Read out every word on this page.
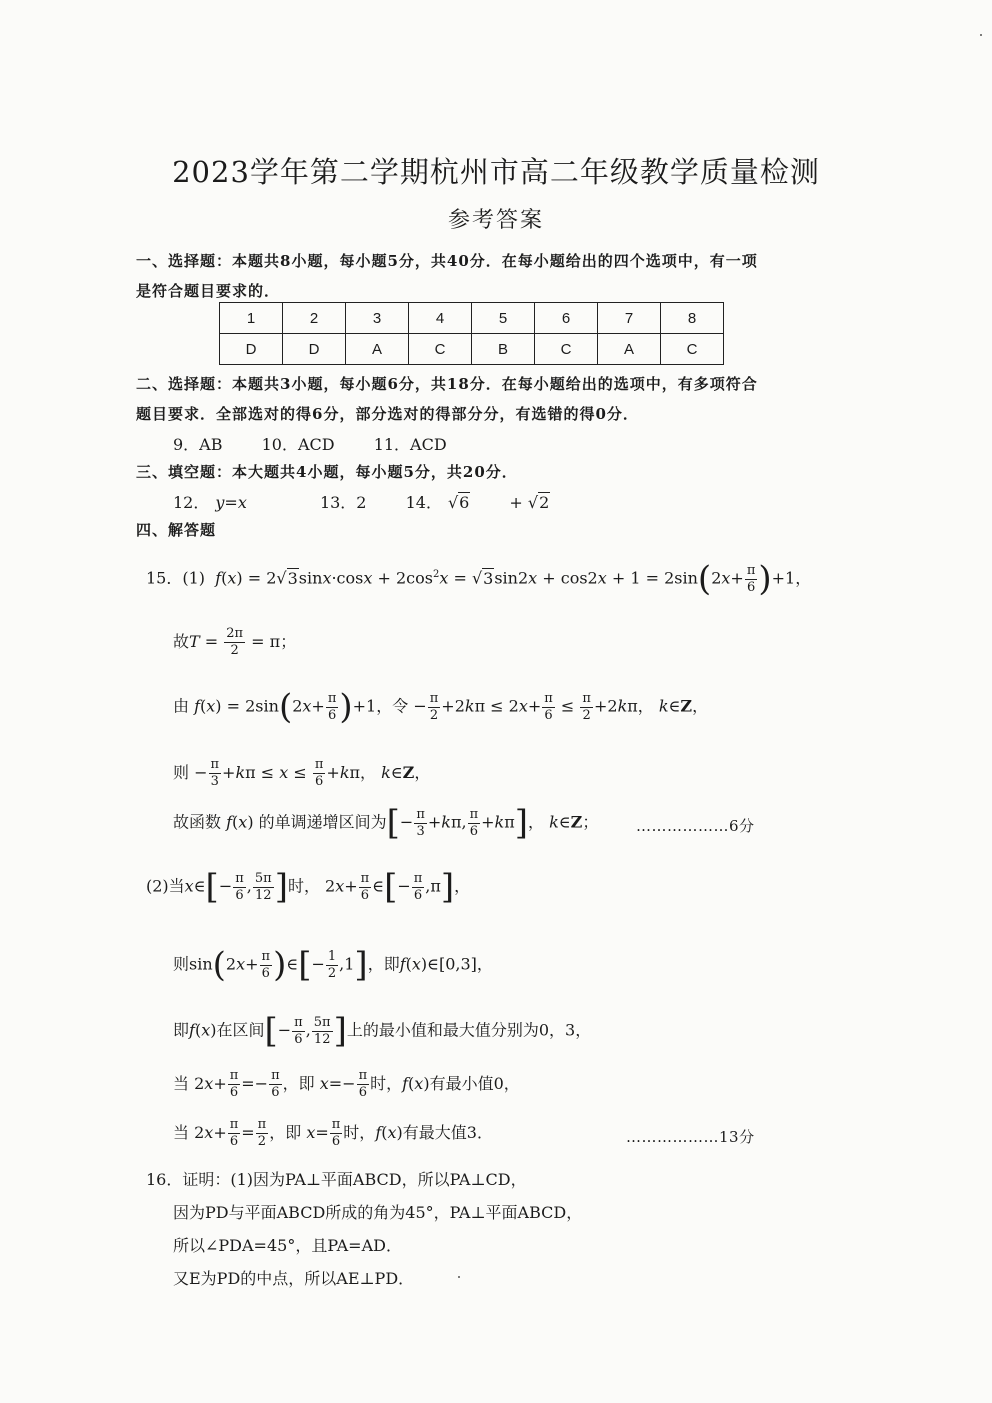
2023学年第二学期杭州市高二年级教学质量检测
参考答案
一、选择题：本题共8小题，每小题5分，共40分．在每小题给出的四个选项中，有一项
是符合题目要求的．
1	2	3	4	5	6	7	8
D	D	A	C	B	C	A	C
二、选择题：本题共3小题，每小题6分，共18分．在每小题给出的选项中，有多项符合
题目要求．全部选对的得6分，部分选对的得部分分，有选错的得0分．
9．AB 10．ACD 11．ACD
三、填空题：本大题共4小题，每小题5分，共20分．
12． y=x	13．2 14． √6 + √2
四、解答题
15．(1) $f(x) = 2√3\sin x\cdot\cos x + 2\cos^2x = √3\sin 2x + \cos 2x + 1 = 2\sin(2x+ \frac{\pi}{6} )+1$，
故$T = \frac{2\pi}{2} = \pi$；
由 $f(x) = 2\sin(2x+ \frac{\pi}{6} )+1$，令 − $\frac{\pi}{2} +2k\pi \le 2x+ \frac{\pi}{6} \le \frac{\pi}{2} +2k\pi$， k∈Z，
则 − $\frac{\pi}{3} +k\pi \le x \le \frac{\pi}{6} +k\pi$， k∈Z，
故函数 f(x) 的单调递增区间为[− $\frac{\pi}{3} +k\pi$, $\frac{\pi}{6} +k\pi$]， k∈Z；	………………6分
(2)当x∈[− $\frac{\pi}{6}$ , $\frac{5\pi}{12}$ ]时， $2x+ \frac{\pi}{6}$ ∈[− $\frac{\pi}{6} ,\pi$]，
则$\sin(2x+ \frac{\pi}{6}$ )∈[− $\frac{1}{2} ,1$]，即f(x)∈[0,3]，
即f(x)在区间[− $\frac{\pi}{6}$ , $\frac{5\pi}{12}$ ]上的最小值和最大值分别为0，3，
当 $2x+ \frac{\pi}{6} =- \frac{\pi}{6}$ ，即 $x=- \frac{\pi}{6}$ 时，f(x)有最小值0，
当 $2x+ \frac{\pi}{6} = \frac{\pi}{2}$ ，即 $x= \frac{\pi}{6}$ 时，f(x)有最大值3．	………………13分
16．证明：(1)因为PA⊥平面ABCD，所以PA⊥CD，
因为PD与平面ABCD所成的角为45°，PA⊥平面ABCD，
所以∠PDA=45°，且PA=AD．
又E为PD的中点，所以AE⊥PD．
